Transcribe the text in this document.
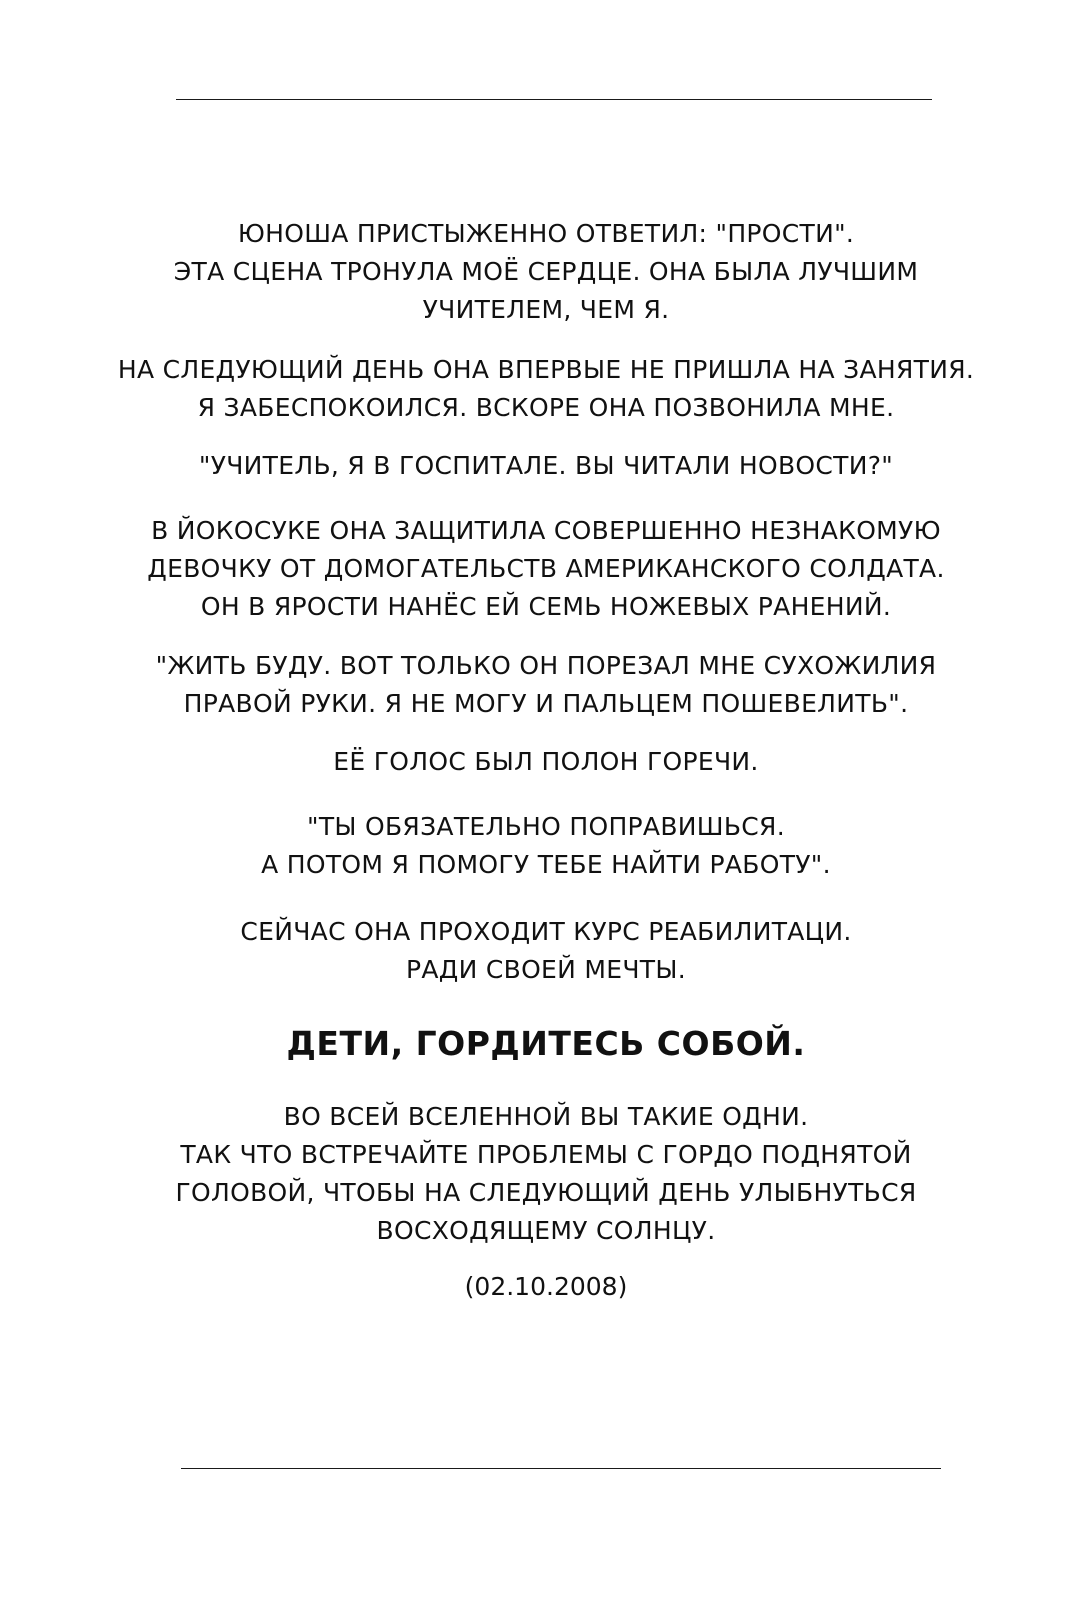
ЮНОША ПРИСТЫЖЕННО ОТВЕТИЛ: "ПРОСТИ".
ЭТА СЦЕНА ТРОНУЛА МОЁ СЕРДЦЕ. ОНА БЫЛА ЛУЧШИМ
УЧИТЕЛЕМ, ЧЕМ Я.
НА СЛЕДУЮЩИЙ ДЕНЬ ОНА ВПЕРВЫЕ НЕ ПРИШЛА НА ЗАНЯТИЯ.
Я ЗАБЕСПОКОИЛСЯ. ВСКОРЕ ОНА ПОЗВОНИЛА МНЕ.
"УЧИТЕЛЬ, Я В ГОСПИТАЛЕ. ВЫ ЧИТАЛИ НОВОСТИ?"
В ЙОКОСУКЕ ОНА ЗАЩИТИЛА СОВЕРШЕННО НЕЗНАКОМУЮ
ДЕВОЧКУ ОТ ДОМОГАТЕЛЬСТВ АМЕРИКАНСКОГО СОЛДАТА.
ОН В ЯРОСТИ НАНЁС ЕЙ СЕМЬ НОЖЕВЫХ РАНЕНИЙ.
"ЖИТЬ БУДУ. ВОТ ТОЛЬКО ОН ПОРЕЗАЛ МНЕ СУХОЖИЛИЯ
ПРАВОЙ РУКИ. Я НЕ МОГУ И ПАЛЬЦЕМ ПОШЕВЕЛИТЬ".
ЕЁ ГОЛОС БЫЛ ПОЛОН ГОРЕЧИ.
"ТЫ ОБЯЗАТЕЛЬНО ПОПРАВИШЬСЯ.
А ПОТОМ Я ПОМОГУ ТЕБЕ НАЙТИ РАБОТУ".
СЕЙЧАС ОНА ПРОХОДИТ КУРС РЕАБИЛИТАЦИ.
РАДИ СВОЕЙ МЕЧТЫ.
ДЕТИ, ГОРДИТЕСЬ СОБОЙ.
ВО ВСЕЙ ВСЕЛЕННОЙ ВЫ ТАКИЕ ОДНИ.
ТАК ЧТО ВСТРЕЧАЙТЕ ПРОБЛЕМЫ С ГОРДО ПОДНЯТОЙ
ГОЛОВОЙ, ЧТОБЫ НА СЛЕДУЮЩИЙ ДЕНЬ УЛЫБНУТЬСЯ
ВОСХОДЯЩЕМУ СОЛНЦУ.
(02.10.2008)
